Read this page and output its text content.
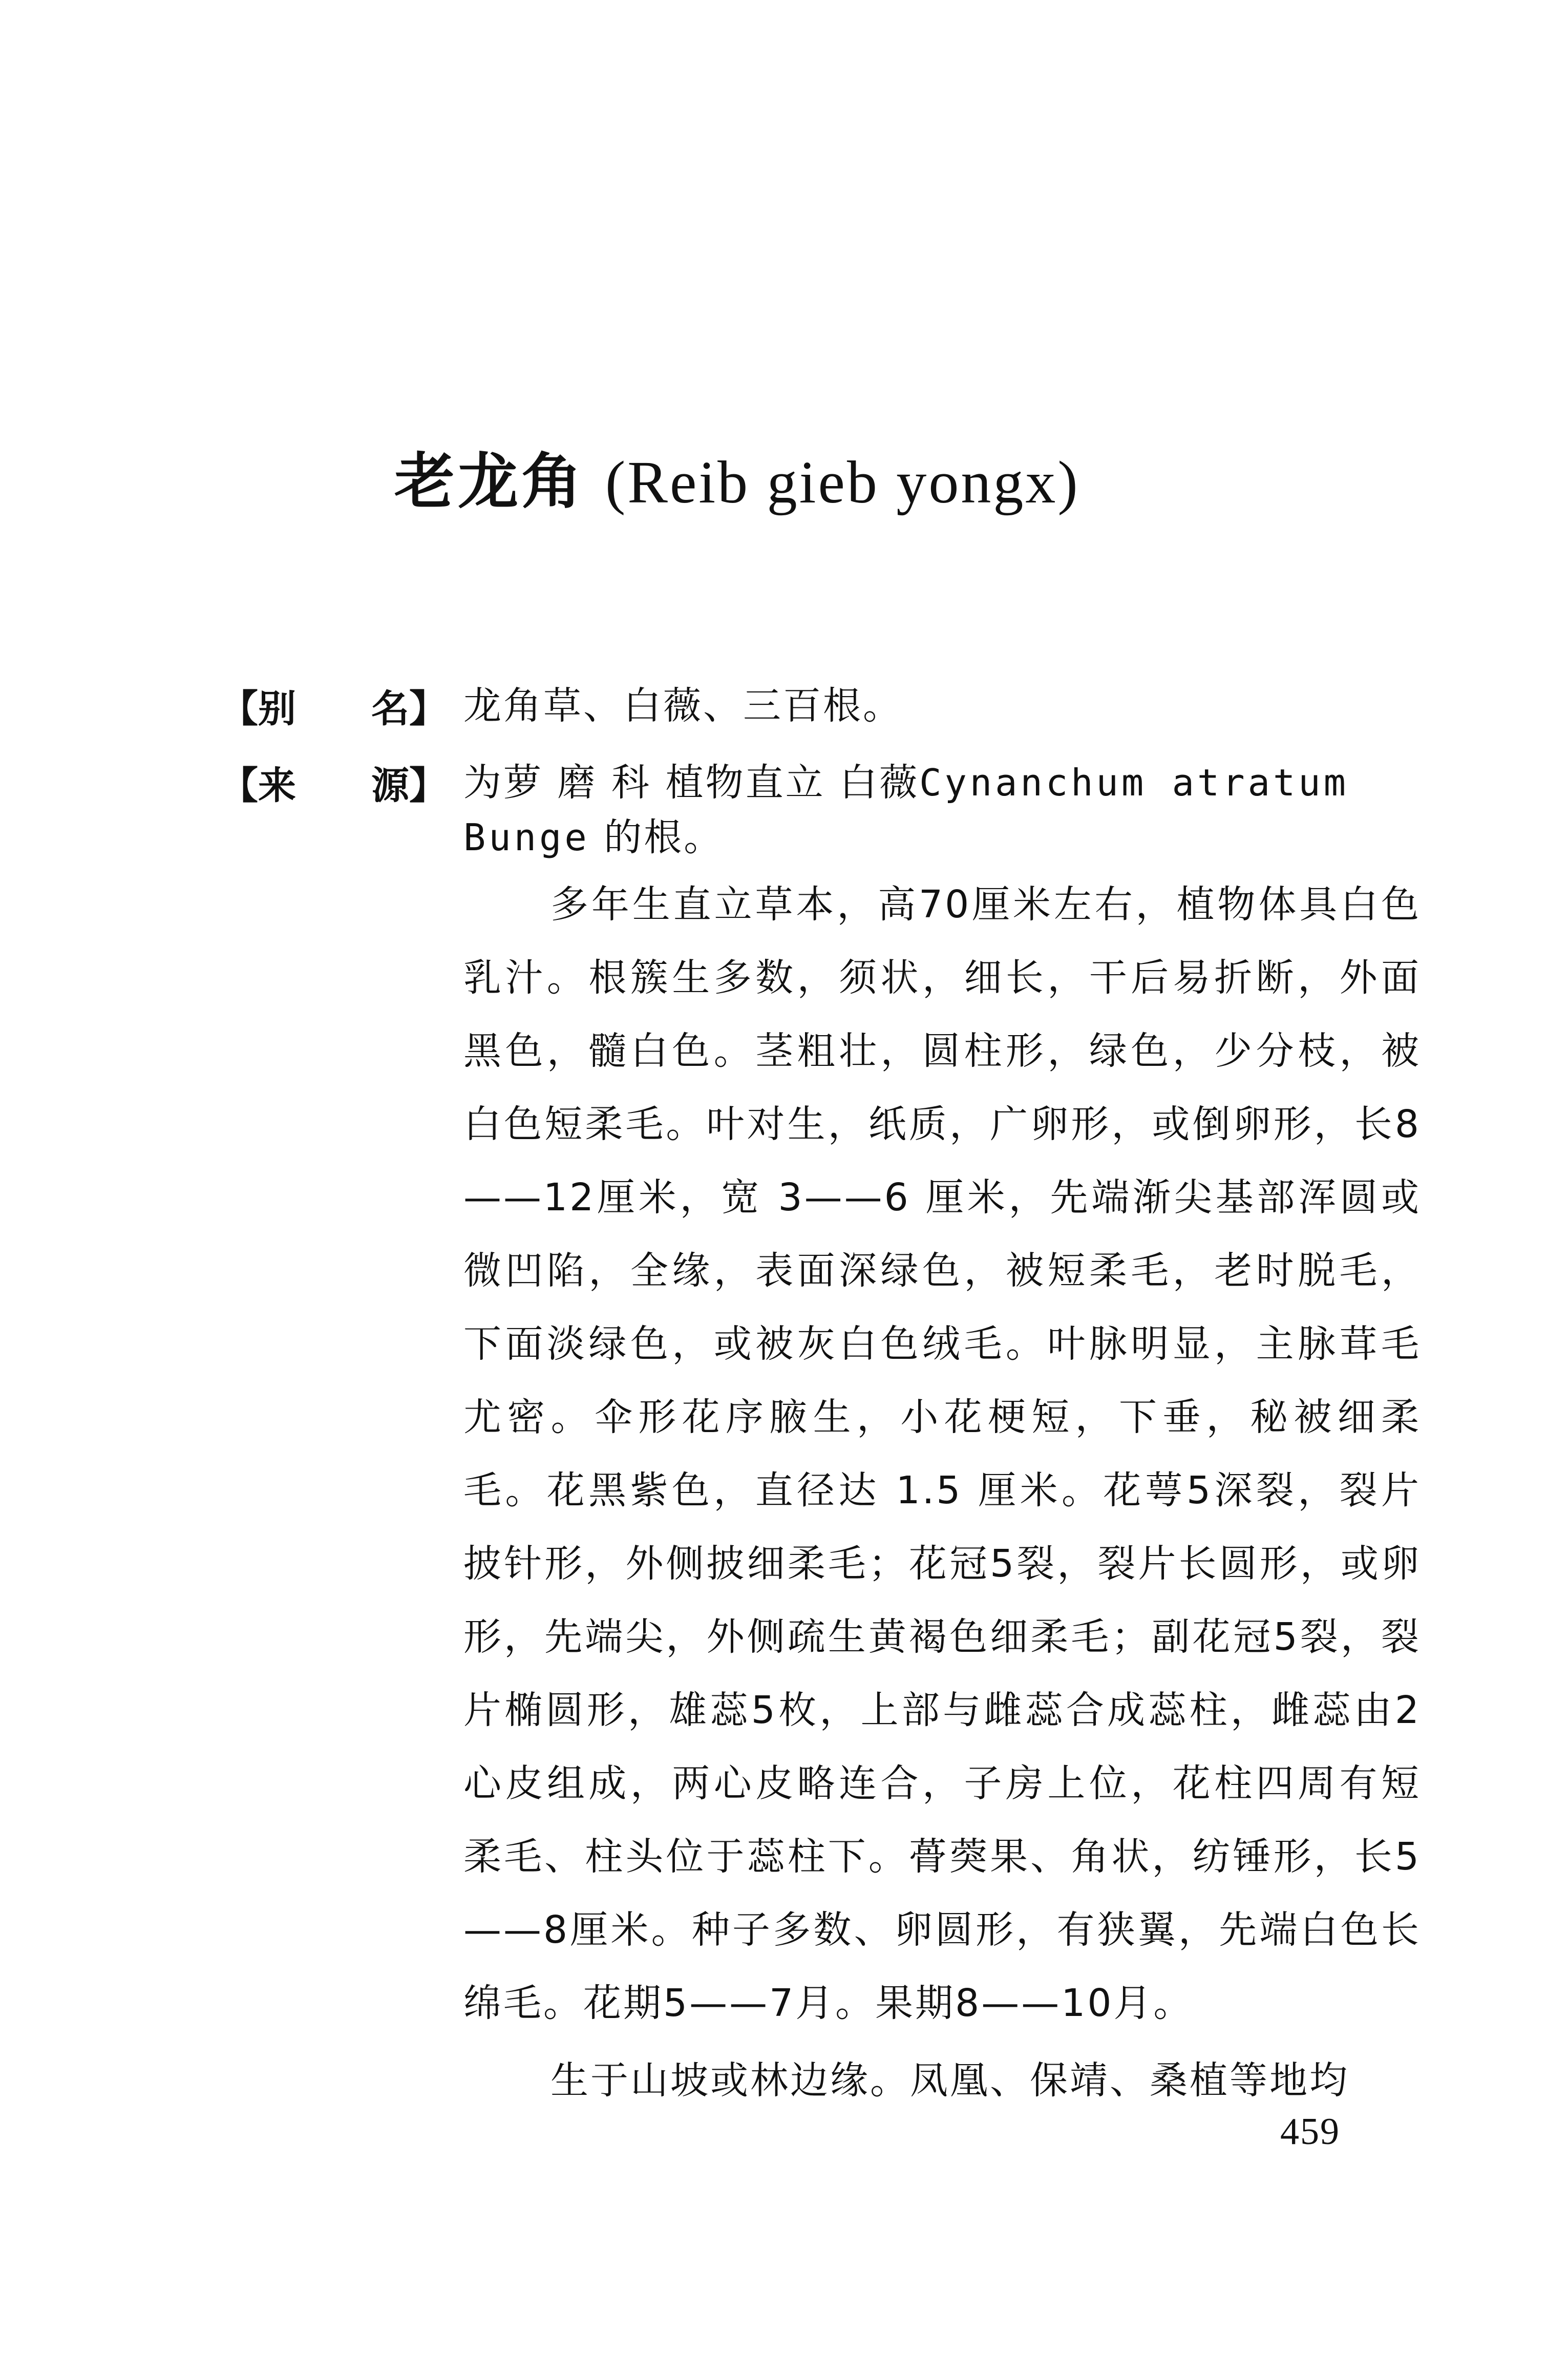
老龙角 (Reib gieb yongx)
【别 名】 龙角草、白薇、三百根。
【来 源】 为萝 磨 科 植物直立 白薇Cynanchum atratum Bunge 的根。

多年生直立草本，高70厘米左右，植物体具白色乳汁。根簇生多数，须状，细长，干后易折断，外面黑色，髓白色。茎粗壮，圆柱形，绿色，少分枝，被白色短柔毛。叶对生，纸质，广卵形，或倒卵形，长8——12厘米，宽 3——6 厘米，先端渐尖基部浑圆或微凹陷，全缘，表面深绿色，被短柔毛，老时脱毛，下面淡绿色，或被灰白色绒毛。叶脉明显，主脉茸毛尤密。伞形花序腋生，小花梗短，下垂，秘被细柔毛。花黑紫色，直径达 1.5 厘米。花萼5深裂，裂片披针形，外侧披细柔毛；花冠5裂，裂片长圆形，或卵形，先端尖，外侧疏生黄褐色细柔毛；副花冠5裂，裂片椭圆形，雄蕊5枚，上部与雌蕊合成蕊柱，雌蕊由2心皮组成，两心皮略连合，子房上位，花柱四周有短柔毛、柱头位于蕊柱下。蓇葖果、角状，纺锤形，长5——8厘米。种子多数、卵圆形，有狭翼，先端白色长绵毛。花期5——7月。果期8——10月。

生于山坡或林边缘。凤凰、保靖、桑植等地均

459
